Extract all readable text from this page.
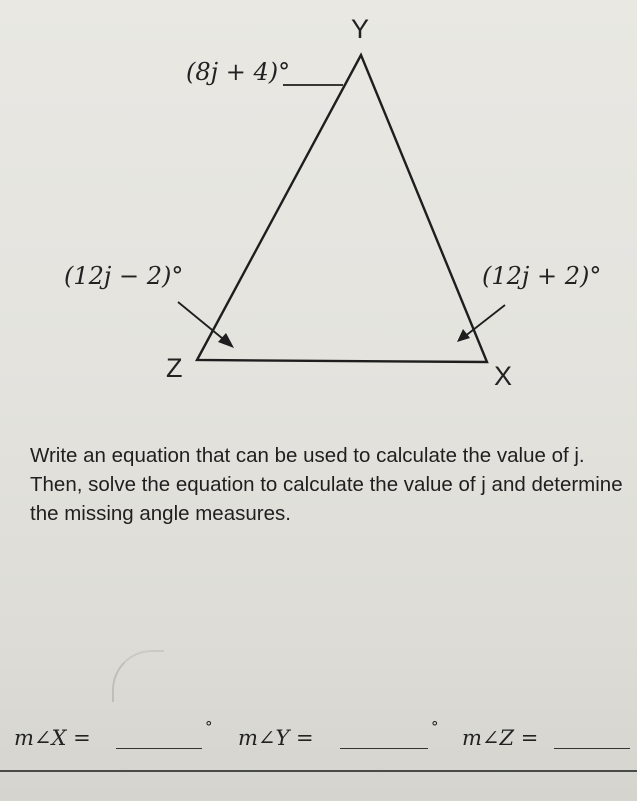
Y
Z	X
(8j + 4)°
(12j − 2)°	(12j + 2)°

Write an equation that can be used to calculate the value of j. Then, solve the equation to calculate the value of j and determine the missing angle measures.

m∠X =	° m∠Y =	° m∠Z =
